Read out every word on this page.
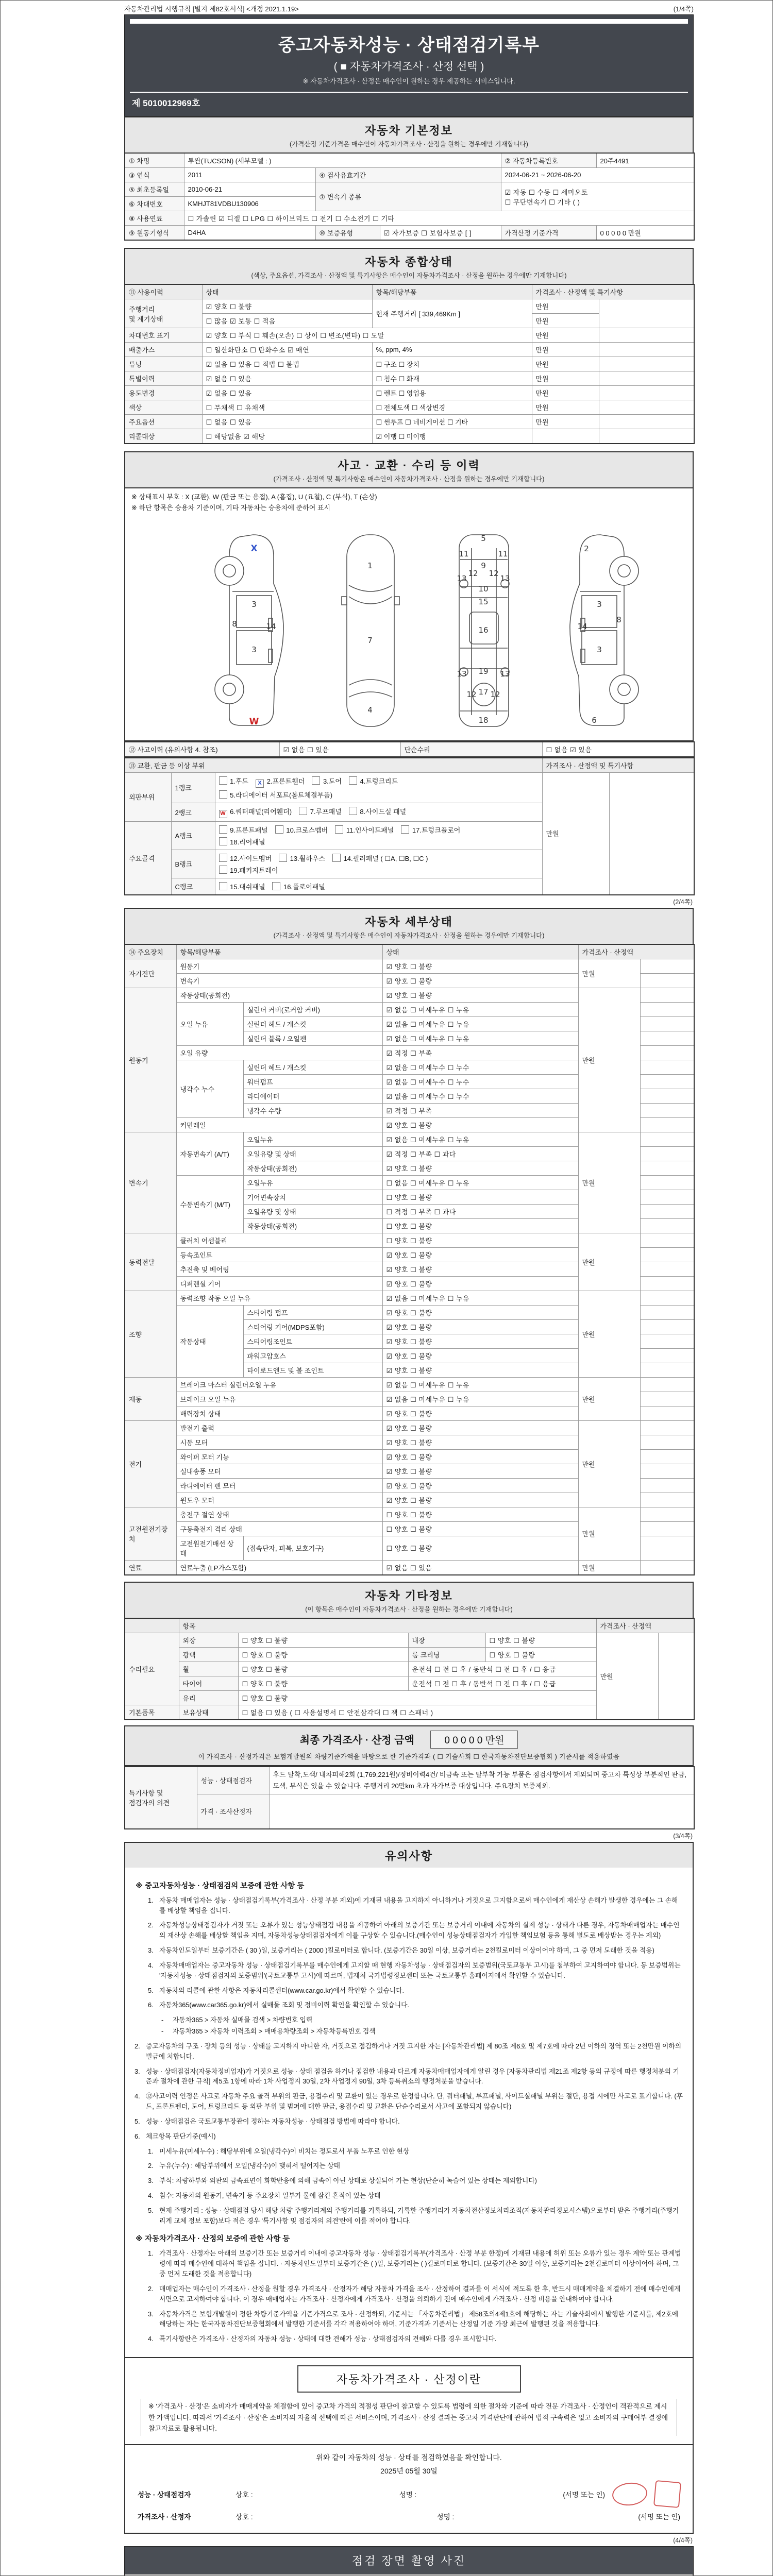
자동차관리법 시행규칙 [별지 제82호서식] <개정 2021.1.19>	(1/4쪽)
중고자동차성능 · 상태점검기록부
( ■ 자동차가격조사 · 산정 선택 )
※ 자동차가격조사 · 산정은 매수인이 원하는 경우 제공하는 서비스입니다.
제 5010012969호
자동차 기본정보

(가격산정 기준가격은 매수인이 자동차가격조사 · 산정을 원하는 경우에만 기재합니다)

① 차명	투싼(TUCSON) (세부모델 : )			② 자동차등록번호	20주4491
③ 연식	2011	④ 검사유효기간		2024-06-21 ~ 2026-06-20	
⑤ 최초등록일	2010-06-21	⑦ 변속기 종류		☑ 자동 ☐ 수동 ☐ 세미오토
☐ 무단변속기 ☐ 기타 ( )	
⑥ 차대번호	KMHJT81VDBU130906				
⑧ 사용연료	☐ 가솔린 ☑ 디젤 ☐ LPG ☐ 하이브리드 ☐ 전기 ☐ 수소전기 ☐ 기타				
⑨ 원동기형식	D4HA	⑩ 보증유형	☑ 자가보증 ☐ 보험사보증 [ ]	가격산정 기준가격	0 0 0 0 0 만원
자동차 종합상태

(색상, 주요옵션, 가격조사 · 산정액 및 특기사항은 매수인이 자동차가격조사 · 산정을 원하는 경우에만 기재합니다)

⑪ 사용이력	상태	항목/해당부품	가격조사 · 산정액 및 특기사항	
주행거리
및 계기상태	☑ 양호 ☐ 불량	현재 주행거리 [ 339,469Km ]	만원	
	☐ 많음 ☑ 보통 ☐ 적음		만원	
차대번호 표기	☑ 양호 ☐ 부식 ☐ 훼손(오손) ☐ 상이 ☐ 변조(변타) ☐ 도말		만원	
배출가스	☐ 일산화탄소 ☐ 탄화수소 ☑ 매연	%, ppm, 4%	만원	
튜닝	☑ 없음 ☐ 있음 ☐ 적법 ☐ 불법	☐ 구조 ☐ 장치	만원	
특별이력	☑ 없음 ☐ 있음	☐ 침수 ☐ 화재	만원	
용도변경	☑ 없음 ☐ 있음	☐ 렌트 ☐ 영업용	만원	
색상	☐ 무채색 ☐ 유채색	☐ 전체도색 ☐ 색상변경	만원	
주요옵션	☐ 없음 ☐ 있음	☐ 썬루프 ☐ 네비게이션 ☐ 기타	만원	
리콜대상	☐ 해당없음 ☑ 해당	☑ 이행 ☐ 미이행		
사고 · 교환 · 수리 등 이력

(가격조사 · 산정액 및 특기사항은 매수인이 자동차가격조사 · 산정을 원하는 경우에만 기재합니다)

※ 상태표시 부호 : X (교환), W (판금 또는 용접), A (흠집), U (요철), C (부식), T (손상)
※ 하단 항목은 승용차 기준이며, 기타 자동차는 승용차에 준하여 표시
X
8
3
14
3
W
1
7
4
5
9
11	11
13	13
12 12
10
15
16
19
13	13
12 12
17
18
2
3
8
14
3
6
⑫ 사고이력 (유의사항 4. 참조)	☑ 없음 ☐ 있음	단순수리	☐ 없음 ☑ 있음
⑬ 교환, 판금 등 이상 부위			가격조사 · 산정액 및 특기사항	
외판부위	1랭크	1.후드 X 2.프론트휀더 3.도어 4.트렁크리드
5.라디에이터 서포트(볼트체결부품)	만원	
	2랭크	W 6.쿼터패널(리어휀더) 7.루프패널 8.사이드실 패널		
주요골격	A랭크	9.프론트패널 10.크로스멤버 11.인사이드패널 17.트렁크플로어
18.리어패널		
	B랭크	12.사이드멤버 13.휠하우스 14.필러패널 ( ☐A, ☐B, ☐C )
19.패키지트레이		
	C랭크	15.대쉬패널 16.플로어패널		
(2/4쪽)
자동차 세부상태

(가격조사 · 산정액 및 특기사항은 매수인이 자동차가격조사 · 산정을 원하는 경우에만 기재합니다)

⑭ 주요장치	항목/해당부품		상태	가격조사 · 산정액	
자기진단	원동기		☑ 양호 ☐ 불량	만원	
	변속기		☑ 양호 ☐ 불량		
원동기	작동상태(공회전)		☑ 양호 ☐ 불량	만원	
	오일 누유	실린더 커버(로커암 커버)	☑ 없음 ☐ 미세누유 ☐ 누유		
		실린더 헤드 / 개스킷	☑ 없음 ☐ 미세누유 ☐ 누유		
		실린더 블록 / 오일팬	☑ 없음 ☐ 미세누유 ☐ 누유		
	오일 유량		☑ 적정 ☐ 부족		
	냉각수 누수	실린더 헤드 / 개스킷	☑ 없음 ☐ 미세누수 ☐ 누수		
		워터펌프	☑ 없음 ☐ 미세누수 ☐ 누수		
		라디에이터	☑ 없음 ☐ 미세누수 ☐ 누수		
		냉각수 수량	☑ 적정 ☐ 부족		
	커먼레일		☑ 양호 ☐ 불량		
변속기	자동변속기 (A/T)	오일누유	☑ 없음 ☐ 미세누유 ☐ 누유	만원	
		오일유량 및 상태	☑ 적정 ☐ 부족 ☐ 과다		
		작동상태(공회전)	☑ 양호 ☐ 불량		
	수동변속기 (M/T)	오일누유	☐ 없음 ☐ 미세누유 ☐ 누유		
		기어변속장치	☐ 양호 ☐ 불량		
		오일유량 및 상태	☐ 적정 ☐ 부족 ☐ 과다		
		작동상태(공회전)	☐ 양호 ☐ 불량		
동력전달	클러치 어셈블리		☐ 양호 ☐ 불량	만원	
	등속조인트		☑ 양호 ☐ 불량		
	추진축 및 베어링		☑ 양호 ☐ 불량		
	디퍼렌셜 기어		☑ 양호 ☐ 불량		
조향	동력조향 작동 오일 누유		☑ 없음 ☐ 미세누유 ☐ 누유	만원	
	작동상태	스티어링 펌프	☑ 양호 ☐ 불량		
		스티어링 기어(MDPS포함)	☑ 양호 ☐ 불량		
		스티어링조인트	☑ 양호 ☐ 불량		
		파워고압호스	☑ 양호 ☐ 불량		
		타이로드엔드 및 볼 조인트	☑ 양호 ☐ 불량		
제동	브레이크 마스터 실린더오일 누유		☑ 없음 ☐ 미세누유 ☐ 누유	만원	
	브레이크 오일 누유		☑ 없음 ☐ 미세누유 ☐ 누유		
	배력장치 상태		☑ 양호 ☐ 불량		
전기	발전기 출력		☑ 양호 ☐ 불량	만원	
	시동 모터		☑ 양호 ☐ 불량		
	와이퍼 모터 기능		☑ 양호 ☐ 불량		
	실내송풍 모터		☑ 양호 ☐ 불량		
	라디에이터 팬 모터		☑ 양호 ☐ 불량		
	윈도우 모터		☑ 양호 ☐ 불량		
고전원전기장치	충전구 절연 상태		☐ 양호 ☐ 불량	만원	
	구동축전지 격리 상태		☐ 양호 ☐ 불량		
	고전원전기배선 상태	(접속단자, 피복, 보호기구)	☐ 양호 ☐ 불량		
연료	연료누출 (LP가스포함)		☑ 없음 ☐ 있음	만원	
자동차 기타정보

(이 항목은 매수인이 자동차가격조사 · 산정을 원하는 경우에만 기재합니다)

	항목				가격조사 · 산정액	
수리필요	외장	☐ 양호 ☐ 불량	내장	☐ 양호 ☐ 불량	만원	
	광택	☐ 양호 ☐ 불량	룸 크리닝	☐ 양호 ☐ 불량		
	휠	☐ 양호 ☐ 불량	운전석 ☐ 전 ☐ 후 / 동반석 ☐ 전 ☐ 후 / ☐ 응급			
	타이어	☐ 양호 ☐ 불량	운전석 ☐ 전 ☐ 후 / 동반석 ☐ 전 ☐ 후 / ☐ 응급			
	유리	☐ 양호 ☐ 불량				
기본품목	보유상태	☐ 없음 ☐ 있음 ( ☐ 사용설명서 ☐ 안전삼각대 ☐ 잭 ☐ 스패너 )				
최종 가격조사 · 산정 금액	0 0 0 0 0 만원
이 가격조사 · 산정가격은 보험개발원의 차량기준가액을 바탕으로 한 기준가격과 ( ☐ 기술사회 ☐ 한국자동차진단보증협회 ) 기준서를 적용하였음
특기사항 및
점검자의 의견	성능 · 상태점검자	후드 탈착,도색/ 내차피해2회 (1,769,221원)/정비이력4건/ 비금속 또는 탈부착 가능 부품은 점검사항에서 제외되며 중고차 특성상 부분적인 판금, 도색, 부식은 있을 수 있습니다. 주행거리 20만km 초과 자가보증 대상입니다. 주요장치 보증제외.
	가격 · 조사산정자	
(3/4쪽)
유의사항
※ 중고자동차성능 · 상태점검의 보증에 관한 사항 등
1. 자동차 매매업자는 성능 · 상태점검기록부(가격조사 · 산정 부분 제외)에 기재된 내용을 고지하지 아니하거나 거짓으로 고지함으로써 매수인에게 재산상 손해가 발생한 경우에는 그 손해를 배상할 책임을 집니다.
2. 자동차성능상태점검자가 거짓 또는 오류가 있는 성능상태점검 내용을 제공하여 아래의 보증기간 또는 보증거리 이내에 자동차의 실제 성능 · 상태가 다른 경우, 자동차매매업자는 매수인의 재산상 손해를 배상할 책임을 지며, 자동차성능상태점검자에게 이를 구상할 수 있습니다.(매수인이 성능상태점검자가 가입한 책임보험 등을 통해 별도로 배상받는 경우는 제외)
3. 자동차인도일부터 보증기간은 ( 30 )일, 보증거리는 ( 2000 )킬로미터로 합니다. (보증기간은 30일 이상, 보증거리는 2천킬로미터 이상이어야 하며, 그 중 먼저 도래한 것을 적용)
4. 자동차매매업자는 중고자동차 성능 · 상태점검기록부를 매수인에게 고지할 때 현행 자동차성능 · 상태점검자의 보증범위(국토교통부 고시)를 첨부하여 고지하여야 합니다. 동 보증범위는 '자동차성능 · 상태점검자의 보증범위'(국토교통부 고시)에 따르며, 법제처 국가법령정보센터 또는 국토교통부 홈페이지에서 확인할 수 있습니다.
5. 자동차의 리콜에 관한 사항은 자동차리콜센터(www.car.go.kr)에서 확인할 수 있습니다.
6. 자동차365(www.car365.go.kr)에서 실매물 조회 및 정비이력 확인을 확인할 수 있습니다.
-	자동차365 > 자동차 실매물 검색 > 차량번호 입력
-	자동차365 > 자동차 이력조회 > 매매용차량조회 > 자동차등록번호 검색
2. 중고자동차의 구조 · 장치 등의 성능 · 상태를 고지하지 아니한 자, 거짓으로 점검하거나 거짓 고지한 자는 [자동차관리법] 제 80조 제6호 및 제7호에 따라 2년 이하의 징역 또는 2천만원 이하의 벌금에 처합니다.
3. 성능 · 상태점검자(자동차정비업자)가 거짓으로 성능 · 상태 점검을 하거나 점검한 내용과 다르게 자동차매매업자에게 알린 경우 [자동차관리법 제21조 제2항 등의 규정에 따른 행정처분의 기준과 절차에 관한 규칙] 제5조 1항에 따라 1차 사업정지 30일, 2차 사업정지 90일, 3차 등록취소의 행정처분을 받습니다.
4. ⑫사고이력 인정은 사고로 자동차 주요 골격 부위의 판금, 용접수리 및 교환이 있는 경우로 한정합니다. 단, 쿼터패널, 루프패널, 사이드실패널 부위는 절단, 용접 시에만 사고로 표기합니다. (후드, 프론트펜더, 도어, 트렁크리드 등 외판 부위 및 범퍼에 대한 판금, 용접수리 및 교환은 단순수리로서 사고에 포함되지 않습니다)
5. 성능 · 상태점검은 국토교통부장관이 정하는 자동차성능 · 상태점검 방법에 따라야 합니다.
6. 체크항목 판단기준(예시)
1. 미세누유(미세누수) : 해당부위에 오일(냉각수)이 비치는 정도로서 부품 노후로 인한 현상
2. 누유(누수) : 해당부위에서 오일(냉각수)이 맺혀서 떨어지는 상태
3. 부식: 차량하부와 외판의 금속표면이 화학반응에 의해 금속이 아닌 상태로 상실되어 가는 현상(단순히 녹슬어 있는 상태는 제외합니다)
4. 침수: 자동차의 원동기, 변속기 등 주요장치 일부가 물에 잠긴 흔적이 있는 상태
5. 현재 주행거리 : 성능 · 상태점검 당시 해당 차량 주행거리계의 주행거리를 기록하되, 기록한 주행거리가 자동차전산정보처리조직(자동차관리정보시스템)으로부터 받은 주행거리(주행거리계 교체 정보 포함)보다 적은 경우 '특기사항 및 점검자의 의견'란에 이를 적어야 합니다.
※ 자동차가격조사 · 산정의 보증에 관한 사항 등
1. 가격조사 · 산정자는 아래의 보증기간 또는 보증거리 이내에 중고자동차 성능 · 상태점검기록부(가격조사 · 산정 부분 한정)에 기재된 내용에 허위 또는 오류가 있는 경우 계약 또는 관계법령에 따라 매수인에 대하여 책임을 집니다. · 자동차인도일부터 보증기간은 ( )일, 보증거리는 ( )킬로미터로 합니다. (보증기간은 30일 이상, 보증거리는 2천킬로미터 이상이어야 하며, 그 중 먼저 도래한 것을 적용합니다)
2. 매매업자는 매수인이 가격조사 · 산정을 원할 경우 가격조사 · 산정자가 해당 자동차 가격을 조사 · 산정하여 결과를 이 서식에 적도록 한 후, 반드시 매매계약을 체결하기 전에 매수인에게 서면으로 고지하여야 합니다. 이 경우 매매업자는 가격조사 · 산정자에게 가격조사 · 산정을 의뢰하기 전에 매수인에게 가격조사 · 산정 비용을 안내하여야 합니다.
3. 자동차가격은 보험개발원이 정한 차량기준가액을 기준가격으로 조사 · 산정하되, 기준서는 「자동차관리법」 제58조의4제1호에 해당하는 자는 기술사회에서 발행한 기준서를, 제2호에 해당하는 자는 한국자동차진단보증협회에서 발행한 기준서를 각각 적용하여야 하며, 기준가격과 기준서는 산정일 기준 가장 최근에 발행된 것을 적용합니다.
4. 특기사항란은 가격조사 · 산정자의 자동차 성능 · 상태에 대한 견해가 성능 · 상태점검자의 견해와 다를 경우 표시합니다.
자동차가격조사 · 산정이란
※ '가격조사 · 산정'은 소비자가 매매계약을 체결함에 있어 중고차 가격의 적절성 판단에 참고할 수 있도록 법령에 의한 절차와 기준에 따라 전문 가격조사 · 산정인이 객관적으로 제시한 가액입니다. 따라서 '가격조사 · 산정'은 소비자의 자율적 선택에 따른 서비스이며, 가격조사 · 산정 결과는 중고차 가격판단에 관하여 법적 구속력은 없고 소비자의 구매여부 결정에 참고자료로 활용됩니다.
위와 같이 자동차의 성능 · 상태를 점검하였음을 확인합니다.
2025년 05월 30일
성능 · 상태점검자	상호 :	성명 :	(서명 또는 인)
가격조사 · 산정자	상호 :	성명 :	(서명 또는 인)
(4/4쪽)
점검 장면 촬영 사진
